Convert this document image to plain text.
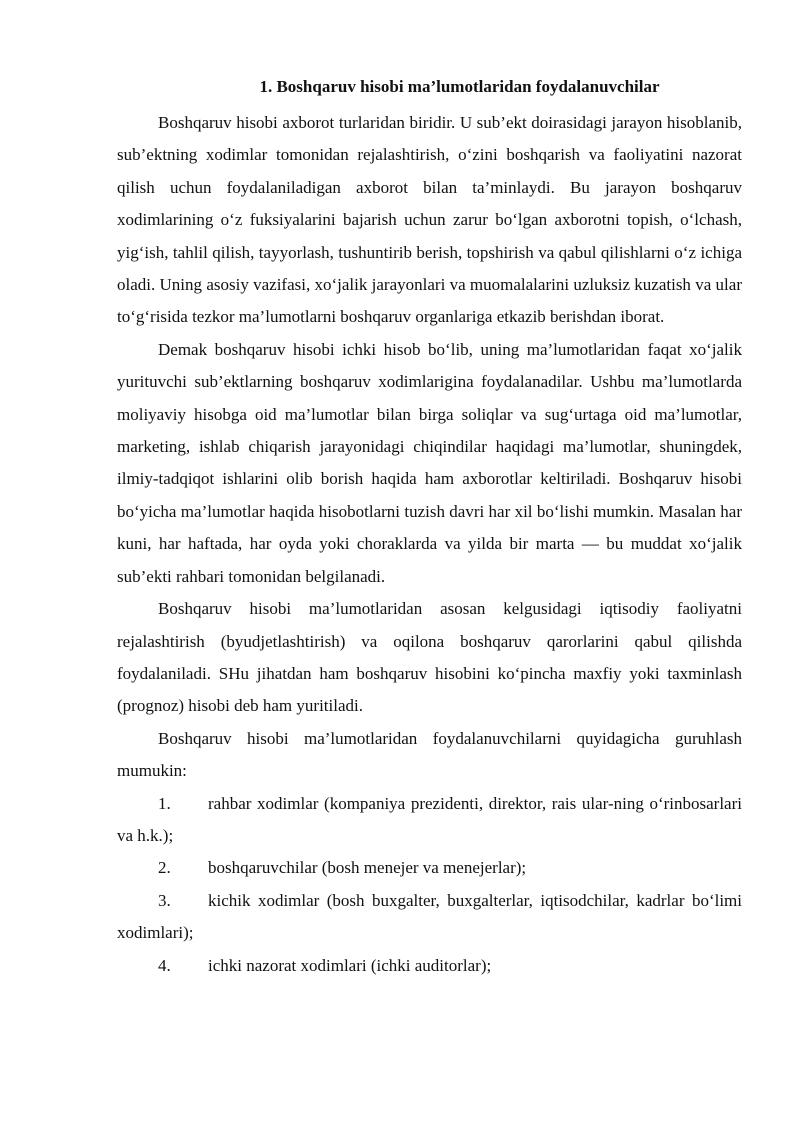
1. Boshqaruv hisobi ma’lumotlaridan foydalanuvchilar

Boshqaruv hisobi axborot turlaridan biridir. U sub’ekt doirasidagi jarayon hisoblanib, sub’ektning xodimlar tomonidan rejalashtirish, o‘zini boshqarish va faoliyatini nazorat qilish uchun foydalaniladigan axborot bilan ta’minlaydi. Bu jarayon boshqaruv xodimlarining o‘z fuksiyalarini bajarish uchun zarur bo‘lgan axborotni topish, o‘lchash, yig‘ish, tahlil qilish, tayyorlash, tushuntirib berish, topshirish va qabul qilishlarni o‘z ichiga oladi. Uning asosiy vazifasi, xo‘jalik jarayonlari va muomalalarini uzluksiz kuzatish va ular to‘g‘risida tezkor ma’lumotlarni boshqaruv organlariga etkazib berishdan iborat.

Demak boshqaruv hisobi ichki hisob bo‘lib, uning ma’lumotlaridan faqat xo‘jalik yurituvchi sub’ektlarning boshqaruv xodimlarigina foydalanadilar. Ushbu ma’lumotlarda moliyaviy hisobga oid ma’lumotlar bilan birga soliqlar va sug‘urtaga oid ma’lumotlar, marketing, ishlab chiqarish jarayonidagi chiqindilar haqidagi ma’lumotlar, shuningdek, ilmiy-tadqiqot ishlarini olib borish haqida ham axborotlar keltiriladi. Boshqaruv hisobi bo‘yicha ma’lumotlar haqida hisobotlarni tuzish davri har xil bo‘lishi mumkin. Masalan har kuni, har haftada, har oyda yoki choraklarda va yilda bir marta — bu muddat xo‘jalik sub’ekti rahbari tomonidan belgilanadi.

Boshqaruv hisobi ma’lumotlaridan asosan kelgusidagi iqtisodiy faoliyatni rejalashtirish (byudjetlashtirish) va oqilona boshqaruv qarorlarini qabul qilishda foydalaniladi. SHu jihatdan ham boshqaruv hisobini ko‘pincha maxfiy yoki taxminlash (prognoz) hisobi deb ham yuritiladi.

Boshqaruv hisobi ma’lumotlaridan foydalanuvchilarni quyidagicha guruhlash mumukin:

1. rahbar xodimlar (kompaniya prezidenti, direktor, rais ular-ning o‘rinbosarlari va h.k.);

2. boshqaruvchilar (bosh menejer va menejerlar);

3. kichik xodimlar (bosh buxgalter, buxgalterlar, iqtisodchilar, kadrlar bo‘limi xodimlari);

4. ichki nazorat xodimlari (ichki auditorlar);
